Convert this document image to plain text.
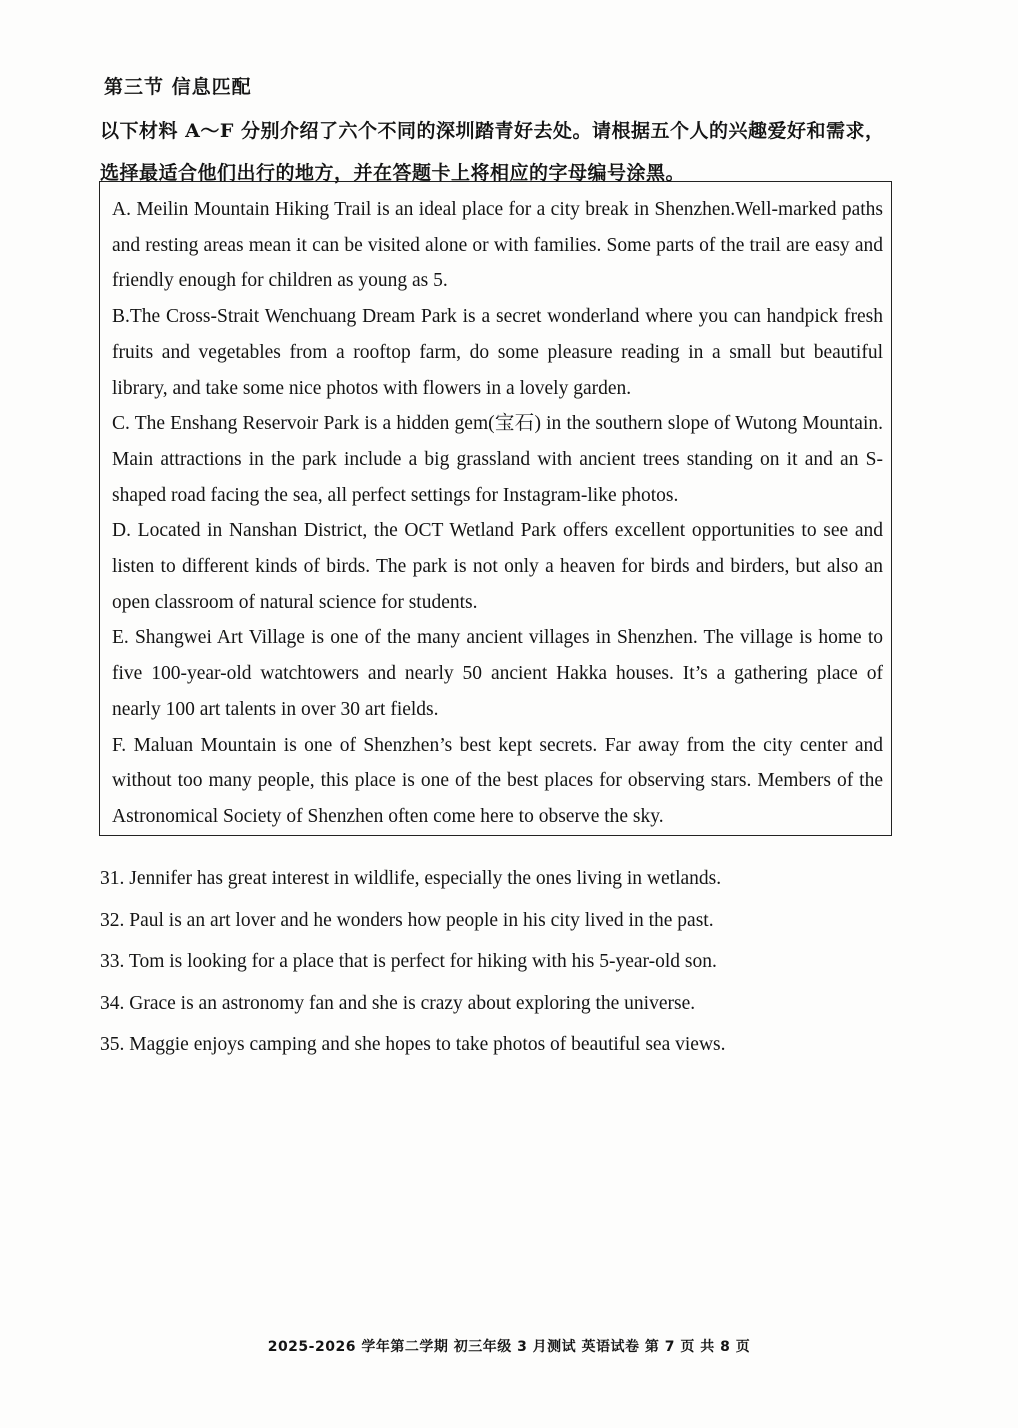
第三节 信息匹配

以下材料 A～F 分别介绍了六个不同的深圳踏青好去处。请根据五个人的兴趣爱好和需求，

选择最适合他们出行的地方，并在答题卡上将相应的字母编号涂黑。

A. Meilin Mountain Hiking Trail is an ideal place for a city break in Shenzhen.Well-marked paths and resting areas mean it can be visited alone or with families. Some parts of the trail are easy and friendly enough for children as young as 5.

B.The Cross-Strait Wenchuang Dream Park is a secret wonderland where you can handpick fresh fruits and vegetables from a rooftop farm, do some pleasure reading in a small but beautiful library, and take some nice photos with flowers in a lovely garden.

C. The Enshang Reservoir Park is a hidden gem(宝石) in the southern slope of Wutong Mountain. Main attractions in the park include a big grassland with ancient trees standing on it and an S-shaped road facing the sea, all perfect settings for Instagram-like photos.

D. Located in Nanshan District, the OCT Wetland Park offers excellent opportunities to see and listen to different kinds of birds. The park is not only a heaven for birds and birders, but also an open classroom of natural science for students.

E. Shangwei Art Village is one of the many ancient villages in Shenzhen. The village is home to five 100-year-old watchtowers and nearly 50 ancient Hakka houses. It’s a gathering place of nearly 100 art talents in over 30 art fields.

F. Maluan Mountain is one of Shenzhen’s best kept secrets. Far away from the city center and without too many people, this place is one of the best places for observing stars. Members of the Astronomical Society of Shenzhen often come here to observe the sky.

31. Jennifer has great interest in wildlife, especially the ones living in wetlands.

32. Paul is an art lover and he wonders how people in his city lived in the past.

33. Tom is looking for a place that is perfect for hiking with his 5-year-old son.

34. Grace is an astronomy fan and she is crazy about exploring the universe.

35. Maggie enjoys camping and she hopes to take photos of beautiful sea views.

2025-2026 学年第二学期 初三年级 3 月测试 英语试卷 第 7 页 共 8 页
